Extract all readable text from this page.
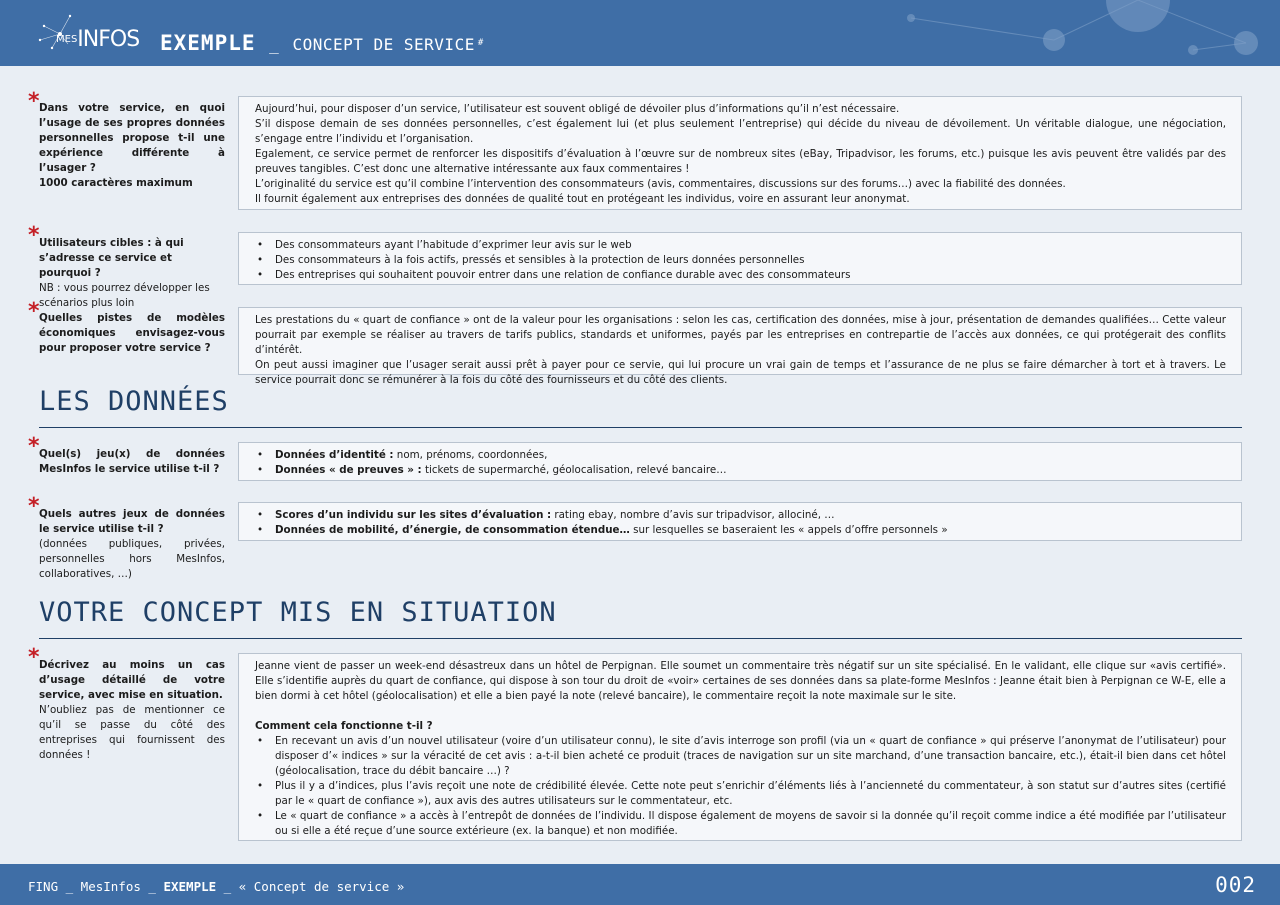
MESINFOS EXEMPLE _ CONCEPT DE SERVICE #
* Dans votre service, en quoi l’usage de ses propres données personnelles propose t-il une expérience différente à l’usager ?
1000 caractères maximum

Aujourd’hui, pour disposer d’un service, l’utilisateur est souvent obligé de dévoiler plus d’informations qu’il n’est nécessaire.

S’il dispose demain de ses données personnelles, c’est également lui (et plus seulement l’entreprise) qui décide du niveau de dévoilement. Un véritable dialogue, une négociation, s’engage entre l’individu et l’organisation.

Egalement, ce service permet de renforcer les dispositifs d’évaluation à l’œuvre sur de nombreux sites (eBay, Tripadvisor, les forums, etc.) puisque les avis peuvent être validés par des preuves tangibles. C’est donc une alternative intéressante aux faux commentaires !

L’originalité du service est qu’il combine l’intervention des consommateurs (avis, commentaires, discussions sur des forums…) avec la fiabilité des données.

Il fournit également aux entreprises des données de qualité tout en protégeant les individus, voire en assurant leur anonymat.

* Utilisateurs cibles : à qui s’adresse ce service et pourquoi ?
NB : vous pourrez développer les scénarios plus loin
• Des consommateurs ayant l’habitude d’exprimer leur avis sur le web
• Des consommateurs à la fois actifs, pressés et sensibles à la protection de leurs données personnelles
• Des entreprises qui souhaitent pouvoir entrer dans une relation de confiance durable avec des consommateurs
* Quelles pistes de modèles économiques envisagez-vous pour proposer votre service ?

Les prestations du « quart de confiance » ont de la valeur pour les organisations : selon les cas, certification des données, mise à jour, présentation de demandes qualifiées… Cette valeur pourrait par exemple se réaliser au travers de tarifs publics, standards et uniformes, payés par les entreprises en contrepartie de l’accès aux données, ce qui protégerait des conflits d’intérêt.

On peut aussi imaginer que l’usager serait aussi prêt à payer pour ce servie, qui lui procure un vrai gain de temps et l’assurance de ne plus se faire démarcher à tort et à travers. Le service pourrait donc se rémunérer à la fois du côté des fournisseurs et du côté des clients.

LES DONNÉES
* Quel(s) jeu(x) de données MesInfos le service utilise t-il ?
• Données d’identité : nom, prénoms, coordonnées,
• Données « de preuves » : tickets de supermarché, géolocalisation, relevé bancaire…
* Quels autres jeux de données le service utilise t-il ?
(données publiques, privées, personnelles hors MesInfos, collaboratives, …)
• Scores d’un individu sur les sites d’évaluation : rating ebay, nombre d’avis sur tripadvisor, allociné, …
• Données de mobilité, d’énergie, de consommation étendue… sur lesquelles se baseraient les « appels d’offre personnels »
VOTRE CONCEPT MIS EN SITUATION
* Décrivez au moins un cas d’usage détaillé de votre service, avec mise en situation.
N’oubliez pas de mentionner ce qu’il se passe du côté des entreprises qui fournissent des données !

Jeanne vient de passer un week-end désastreux dans un hôtel de Perpignan. Elle soumet un commentaire très négatif sur un site spécialisé. En le validant, elle clique sur «avis certifié». Elle s’identifie auprès du quart de confiance, qui dispose à son tour du droit de «voir» certaines de ses données dans sa plate-forme MesInfos : Jeanne était bien à Perpignan ce W-E, elle a bien dormi à cet hôtel (géolocalisation) et elle a bien payé la note (relevé bancaire), le commentaire reçoit la note maximale sur le site.

Comment cela fonctionne t-il ?

• En recevant un avis d’un nouvel utilisateur (voire d’un utilisateur connu), le site d’avis interroge son profil (via un « quart de confiance » qui préserve l’anonymat de l’utilisateur) pour disposer d’« indices » sur la véracité de cet avis : a-t-il bien acheté ce produit (traces de navigation sur un site marchand, d’une transaction bancaire, etc.), était-il bien dans cet hôtel (géolocalisation, trace du débit bancaire …) ?
• Plus il y a d’indices, plus l’avis reçoit une note de crédibilité élevée. Cette note peut s’enrichir d’éléments liés à l’ancienneté du commentateur, à son statut sur d’autres sites (certifié par le « quart de confiance »), aux avis des autres utilisateurs sur le commentateur, etc.
• Le « quart de confiance » a accès à l’entrepôt de données de l’individu. Il dispose également de moyens de savoir si la donnée qu’il reçoit comme indice a été modifiée par l’utilisateur ou si elle a été reçue d’une source extérieure (ex. la banque) et non modifiée.
FING _ MesInfos _ EXEMPLE _ « Concept de service »	002
